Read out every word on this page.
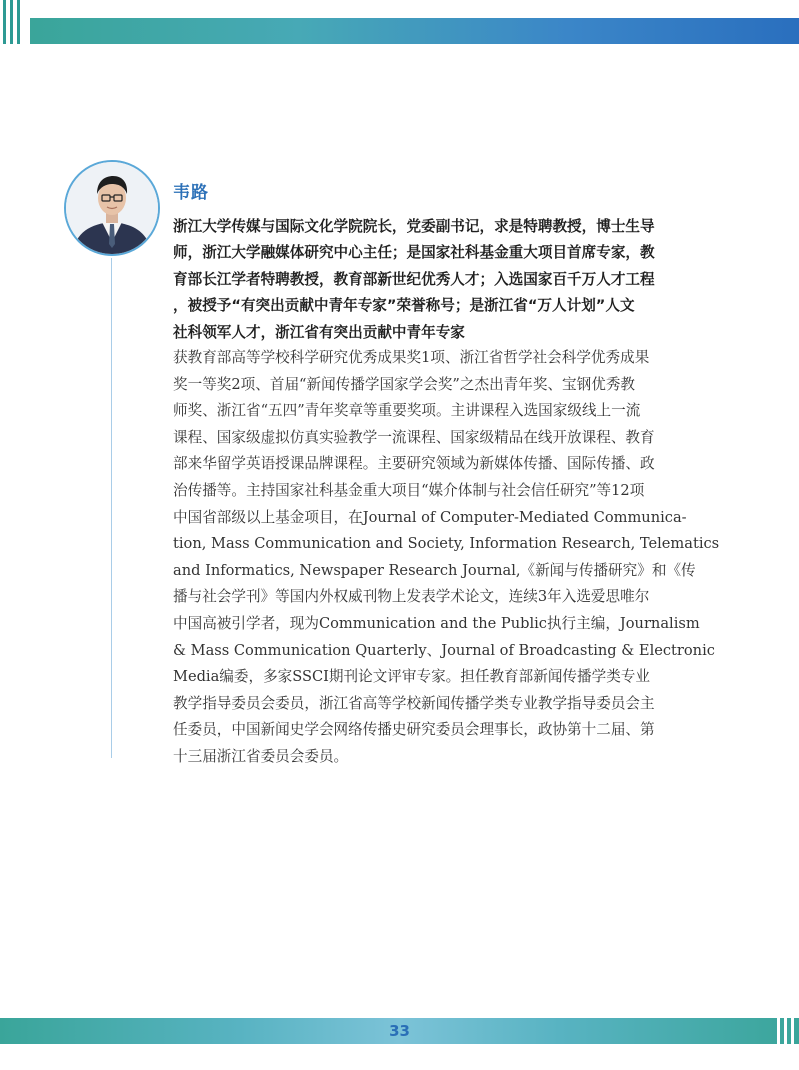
韦路
浙江大学传媒与国际文化学院院长，党委副书记，求是特聘教授，博士生导
师，浙江大学融媒体研究中心主任；是国家社科基金重大项目首席专家，教
育部长江学者特聘教授，教育部新世纪优秀人才；入选国家百千万人才工程
，被授予“有突出贡献中青年专家”荣誉称号；是浙江省“万人计划”人文
社科领军人才，浙江省有突出贡献中青年专家
获教育部高等学校科学研究优秀成果奖1项、浙江省哲学社会科学优秀成果
奖一等奖2项、首届“新闻传播学国家学会奖”之杰出青年奖、宝钢优秀教
师奖、浙江省“五四”青年奖章等重要奖项。主讲课程入选国家级线上一流
课程、国家级虚拟仿真实验教学一流课程、国家级精品在线开放课程、教育
部来华留学英语授课品牌课程。主要研究领域为新媒体传播、国际传播、政
治传播等。主持国家社科基金重大项目“媒介体制与社会信任研究”等12项
中国省部级以上基金项目，在Journal of Computer-Mediated Communica-
tion, Mass Communication and Society, Information Research, Telematics
and Informatics, Newspaper Research Journal,《新闻与传播研究》和《传
播与社会学刊》等国内外权威刊物上发表学术论文，连续3年入选爱思唯尔
中国高被引学者，现为Communication and the Public执行主编，Journalism
& Mass Communication Quarterly、Journal of Broadcasting & Electronic
Media编委，多家SSCI期刊论文评审专家。担任教育部新闻传播学类专业
教学指导委员会委员，浙江省高等学校新闻传播学类专业教学指导委员会主
任委员，中国新闻史学会网络传播史研究委员会理事长，政协第十二届、第
十三届浙江省委员会委员。
33
